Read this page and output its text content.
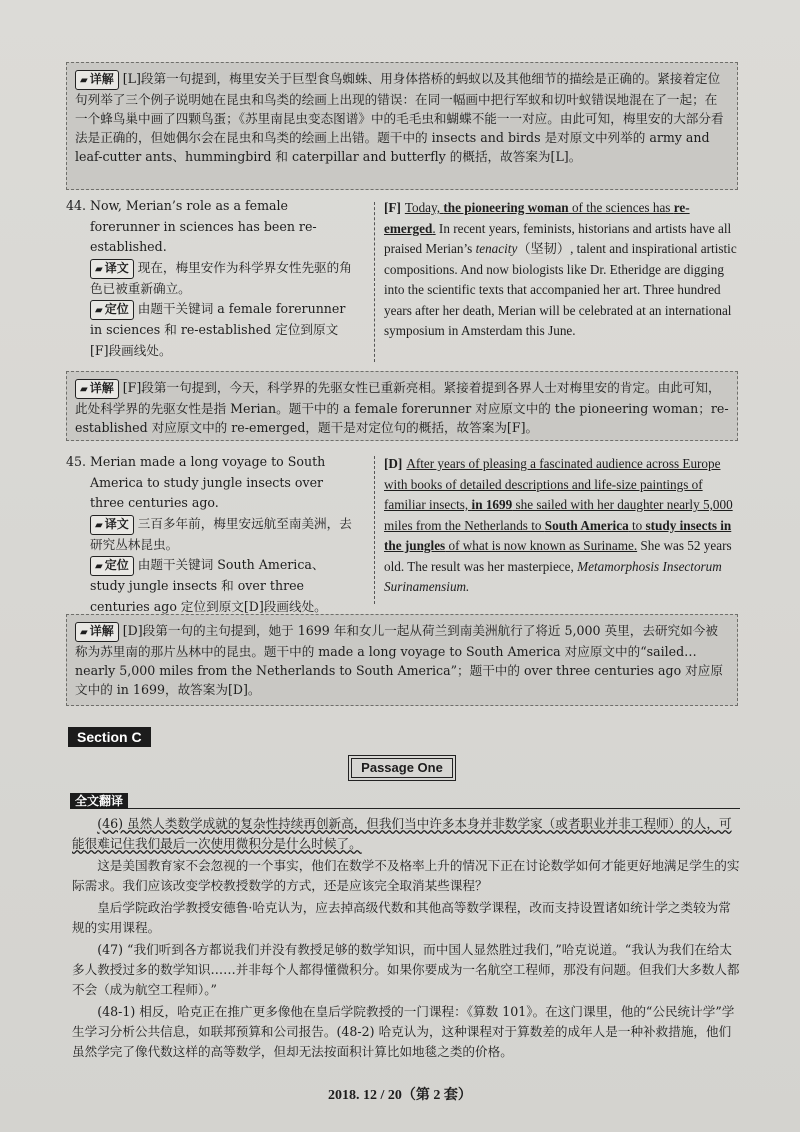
▰ 详解 [L]段第一句提到，梅里安关于巨型食鸟蜘蛛、用身体搭桥的蚂蚁以及其他细节的描绘是正确的。紧接着定位句列举了三个例子说明她在昆虫和鸟类的绘画上出现的错误：在同一幅画中把行军蚁和切叶蚁错误地混在了一起；在一个蜂鸟巢中画了四颗鸟蛋；《苏里南昆虫变态图谱》中的毛毛虫和蝴蝶不能一一对应。由此可知，梅里安的大部分看法是正确的，但她偶尔会在昆虫和鸟类的绘画上出错。题干中的 insects and birds 是对原文中列举的 army and leaf-cutter ants、hummingbird 和 caterpillar and butterfly 的概括，故答案为[L]。
44. Now, Merian’s role as a female forerunner in sciences has been re-established.
▰ 译文 现在，梅里安作为科学界女性先驱的角色已被重新确立。
▰ 定位 由题干关键词 a female forerunner in sciences 和 re-established 定位到原文[F]段画线处。
[F] Today, the pioneering woman of the sciences has re-emerged. In recent years, feminists, historians and artists have all praised Merian’s tenacity（坚韧）, talent and inspirational artistic compositions. And now biologists like Dr. Etheridge are digging into the scientific texts that accompanied her art. Three hundred years after her death, Merian will be celebrated at an international symposium in Amsterdam this June.
▰ 详解 [F]段第一句提到，今天，科学界的先驱女性已重新亮相。紧接着提到各界人士对梅里安的肯定。由此可知，此处科学界的先驱女性是指 Merian。题干中的 a female forerunner 对应原文中的 the pioneering woman；re-established 对应原文中的 re-emerged，题干是对定位句的概括，故答案为[F]。
45. Merian made a long voyage to South America to study jungle insects over three centuries ago.
▰ 译文 三百多年前，梅里安远航至南美洲，去研究丛林昆虫。
▰ 定位 由题干关键词 South America、study jungle insects 和 over three centuries ago 定位到原文[D]段画线处。
[D] After years of pleasing a fascinated audience across Europe with books of detailed descriptions and life-size paintings of familiar insects, in 1699 she sailed with her daughter nearly 5,000 miles from the Netherlands to South America to study insects in the jungles of what is now known as Suriname. She was 52 years old. The result was her masterpiece, Metamorphosis Insectorum Surinamensium.
▰ 详解 [D]段第一句的主句提到，她于 1699 年和女儿一起从荷兰到南美洲航行了将近 5,000 英里，去研究如今被称为苏里南的那片丛林中的昆虫。题干中的 made a long voyage to South America 对应原文中的“sailed…nearly 5,000 miles from the Netherlands to South America”；题干中的 over three centuries ago 对应原文中的 in 1699，故答案为[D]。
Section C
Passage One
全文翻译
(46) 虽然人类数学成就的复杂性持续再创新高，但我们当中许多本身并非数学家（或者职业并非工程师）的人，可能很难记住我们最后一次使用微积分是什么时候了。
这是美国教育家不会忽视的一个事实，他们在数学不及格率上升的情况下正在讨论数学如何才能更好地满足学生的实际需求。我们应该改变学校教授数学的方式，还是应该完全取消某些课程？
皇后学院政治学教授安德鲁·哈克认为，应去掉高级代数和其他高等数学课程，改而支持设置诸如统计学之类较为常规的实用课程。
(47) “我们听到各方都说我们并没有教授足够的数学知识，而中国人显然胜过我们，”哈克说道。“我认为我们在给太多人教授过多的数学知识……并非每个人都得懂微积分。如果你要成为一名航空工程师，那没有问题。但我们大多数人都不会（成为航空工程师）。”
(48-1) 相反，哈克正在推广更多像他在皇后学院教授的一门课程：《算数 101》。在这门课里，他的“公民统计学”学生学习分析公共信息，如联邦预算和公司报告。(48-2) 哈克认为，这种课程对于算数差的成年人是一种补救措施，他们虽然学完了像代数这样的高等数学，但却无法按面积计算比如地毯之类的价格。
2018. 12 / 20（第 2 套）
